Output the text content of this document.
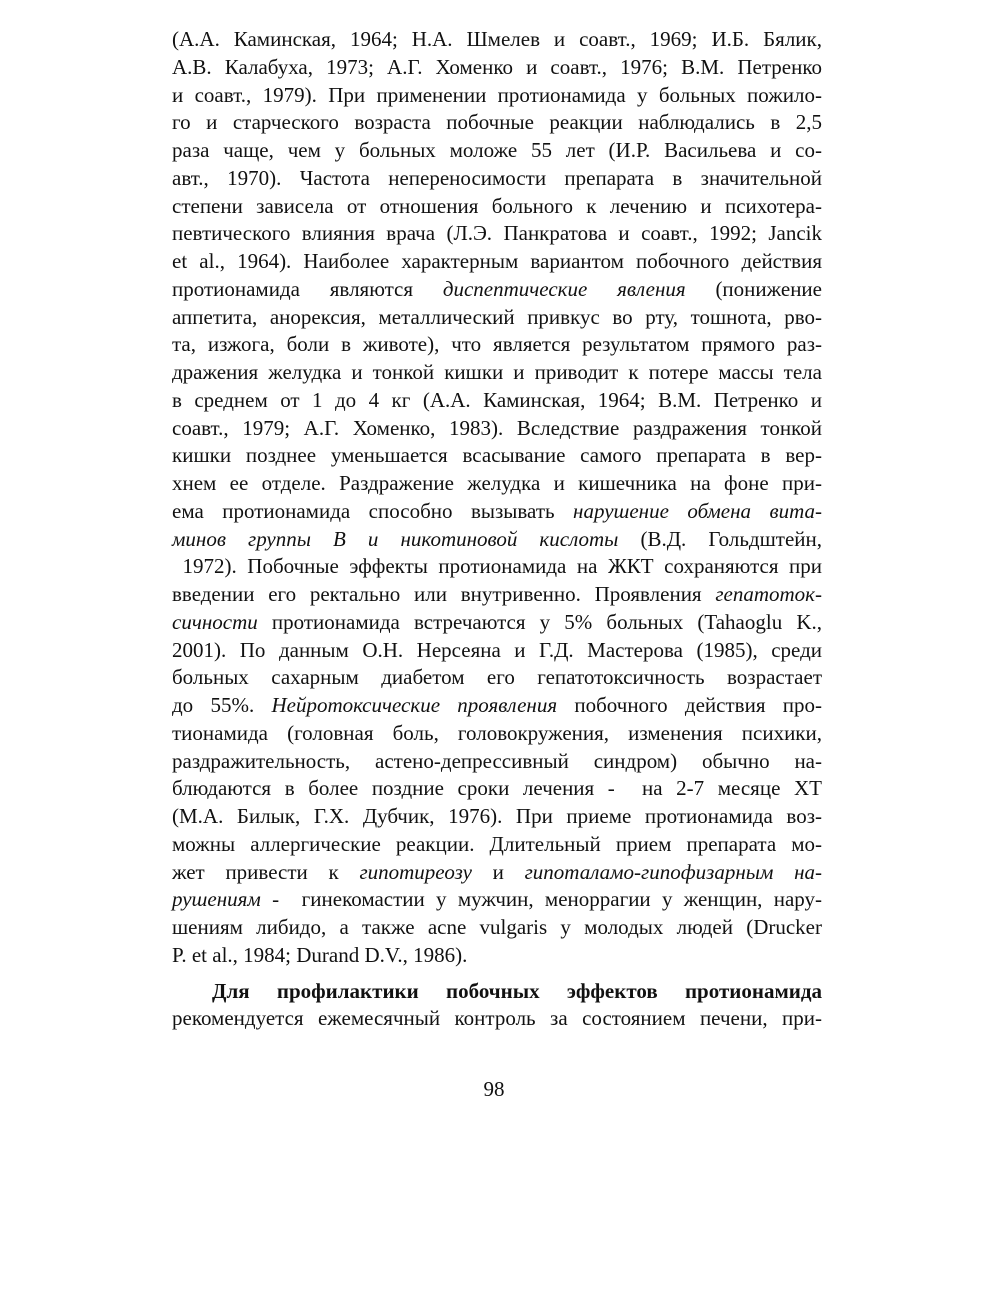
(А.А. Каминская, 1964; Н.А. Шмелев и соавт., 1969; И.Б. Бялик,
А.В. Калабуха, 1973; А.Г. Хоменко и соавт., 1976; В.М. Петренко
и соавт., 1979). При применении протионамида у больных пожило-
го и старческого возраста побочные реакции наблюдались в 2,5
раза чаще, чем у больных моложе 55 лет (И.Р. Васильева и со-
авт., 1970). Частота непереносимости препарата в значительной
степени зависела от отношения больного к лечению и психотера-
певтического влияния врача (Л.Э. Панкратова и соавт., 1992; Jancik
et al., 1964). Наиболее характерным вариантом побочного действия
протионамида являются диспептические явления (понижение
аппетита, анорексия, металлический привкус во рту, тошнота, рво-
та, изжога, боли в животе), что является результатом прямого раз-
дражения желудка и тонкой кишки и приводит к потере массы тела
в среднем от 1 до 4 кг (А.А. Каминская, 1964; В.М. Петренко и
соавт., 1979; А.Г. Хоменко, 1983). Вследствие раздражения тонкой
кишки позднее уменьшается всасывание самого препарата в вер-
хнем ее отделе. Раздражение желудка и кишечника на фоне при-
ема протионамида способно вызывать нарушение обмена вита-
минов группы В и никотиновой кислоты (В.Д. Гольдштейн,
1972). Побочные эффекты протионамида на ЖКТ сохраняются при
введении его ректально или внутривенно. Проявления гепатоток-
сичности протионамида встречаются у 5% больных (Tahaoglu K.,
2001). По данным О.Н. Нерсеяна и Г.Д. Мастерова (1985), среди
больных сахарным диабетом его гепатотоксичность возрастает
до 55%. Нейротоксические проявления побочного действия про-
тионамида (головная боль, головокружения, изменения психики,
раздражительность, астено-депрессивный синдром) обычно на-
блюдаются в более поздние сроки лечения -  на 2-7 месяце ХТ
(М.А. Билык, Г.Х. Дубчик, 1976). При приеме протионамида воз-
можны аллергические реакции. Длительный прием препарата мо-
жет привести к гипотиреозу и гипоталамо-гипофизарным на-
рушениям -  гинекомастии у мужчин, меноррагии у женщин, нару-
шениям либидо, а также acne vulgaris у молодых людей (Drucker
P. et al., 1984; Durand D.V., 1986).
Для профилактики побочных эффектов протионамида
рекомендуется ежемесячный контроль за состоянием печени, при-
98
